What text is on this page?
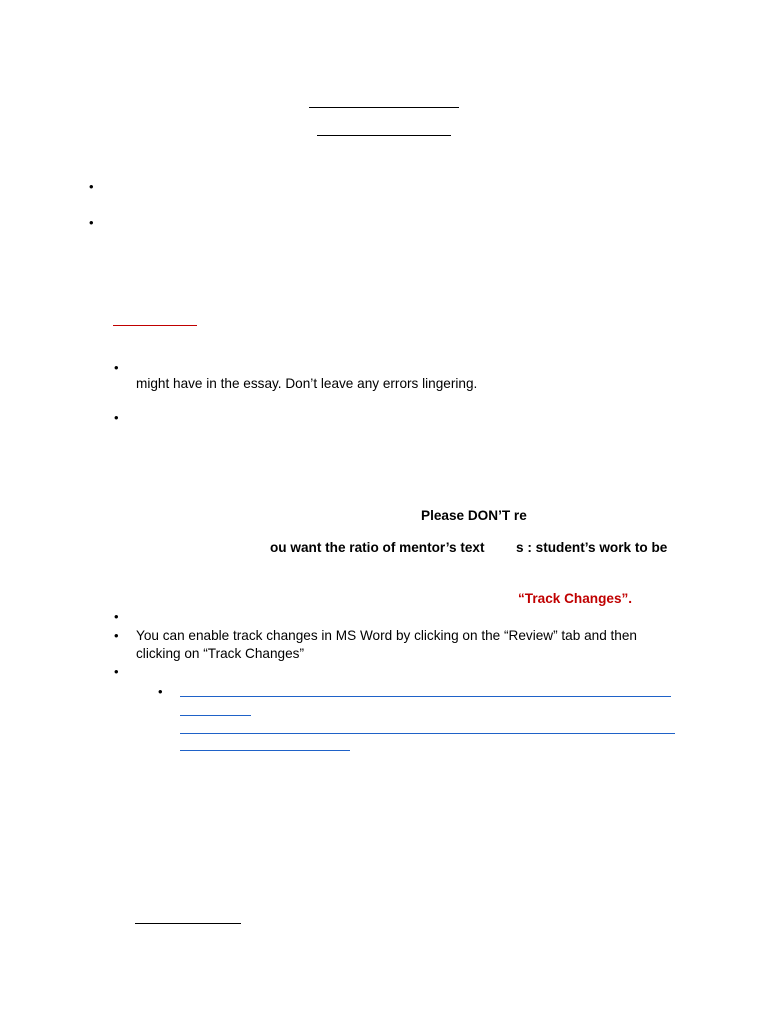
•
•
•
might have in the essay. Don’t leave any errors lingering.
•
Please DON’T re
ou want the ratio of mentor’s text s : student’s work to be
“Track Changes”.
•
• You can enable track changes in MS Word by clicking on the “Review” tab and then
clicking on “Track Changes”
•
•
